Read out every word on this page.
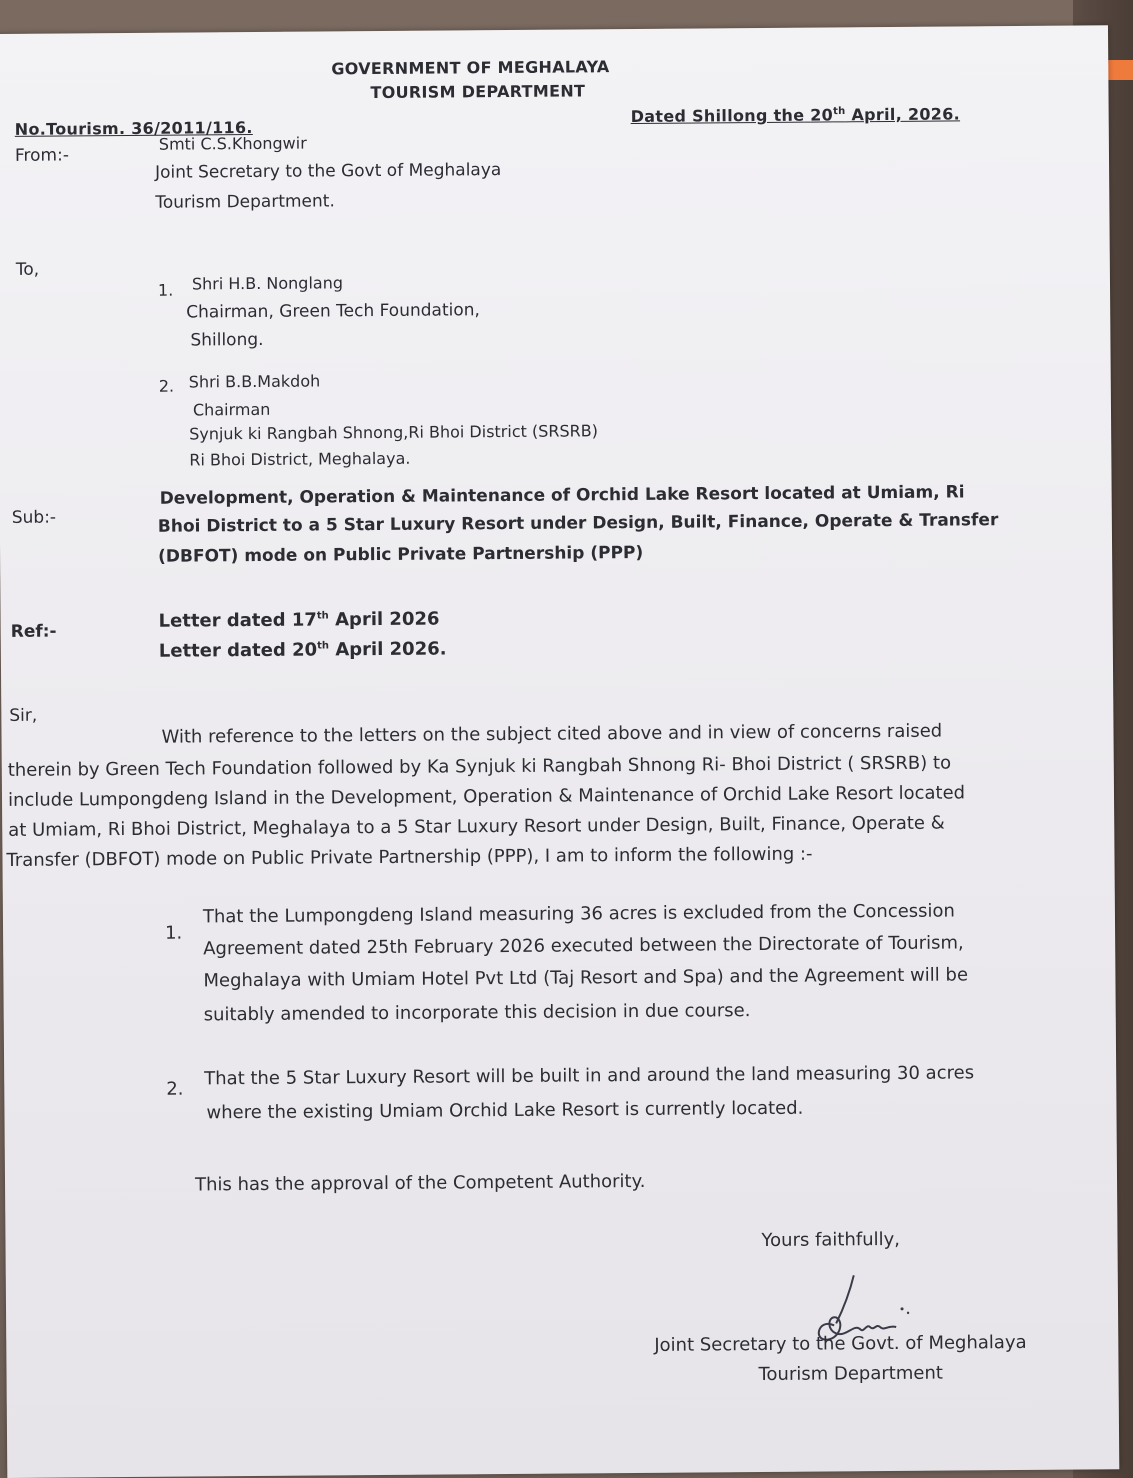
GOVERNMENT OF MEGHALAYA
TOURISM DEPARTMENT
No.Tourism. 36/2011/116.
Dated Shillong the 20th April, 2026.
From:-
Smti C.S.Khongwir
Joint Secretary to the Govt of Meghalaya
Tourism Department.
To,
1. Shri H.B. Nonglang
Chairman, Green Tech Foundation,
Shillong.
2. Shri B.B.Makdoh
Chairman
Synjuk ki Rangbah Shnong,Ri Bhoi District (SRSRB)
Ri Bhoi District, Meghalaya.
Sub:-
Development, Operation & Maintenance of Orchid Lake Resort located at Umiam, Ri
Bhoi District to a 5 Star Luxury Resort under Design, Built, Finance, Operate & Transfer
(DBFOT) mode on Public Private Partnership (PPP)
Ref:-	Letter dated 17th April 2026
Letter dated 20th April 2026.
Sir,
With reference to the letters on the subject cited above and in view of concerns raised
therein by Green Tech Foundation followed by Ka Synjuk ki Rangbah Shnong Ri- Bhoi District ( SRSRB) to
include Lumpongdeng Island in the Development, Operation & Maintenance of Orchid Lake Resort located
at Umiam, Ri Bhoi District, Meghalaya to a 5 Star Luxury Resort under Design, Built, Finance, Operate &
Transfer (DBFOT) mode on Public Private Partnership (PPP), I am to inform the following :-
1.
That the Lumpongdeng Island measuring 36 acres is excluded from the Concession
Agreement dated 25th February 2026 executed between the Directorate of Tourism,
Meghalaya with Umiam Hotel Pvt Ltd (Taj Resort and Spa) and the Agreement will be
suitably amended to incorporate this decision in due course.
2. That the 5 Star Luxury Resort will be built in and around the land measuring 30 acres
where the existing Umiam Orchid Lake Resort is currently located.
This has the approval of the Competent Authority.
Yours faithfully,
Joint Secretary to the Govt. of Meghalaya
Tourism Department
